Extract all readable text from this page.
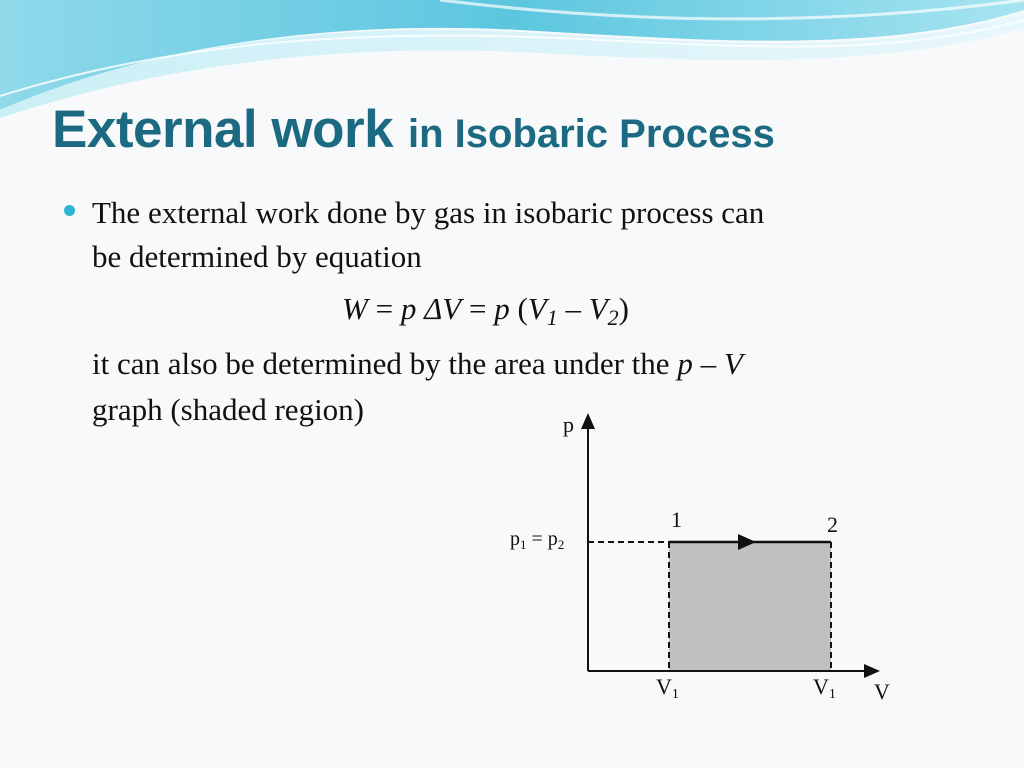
External work in Isobaric Process
The external work done by gas in isobaric process can
be determined by equation
W = p ΔV = p (V1 – V2)
it can also be determined by the area under the p – V
graph (shaded region)	p
V
1	2
$p_1 = p_2$
V1	V1
